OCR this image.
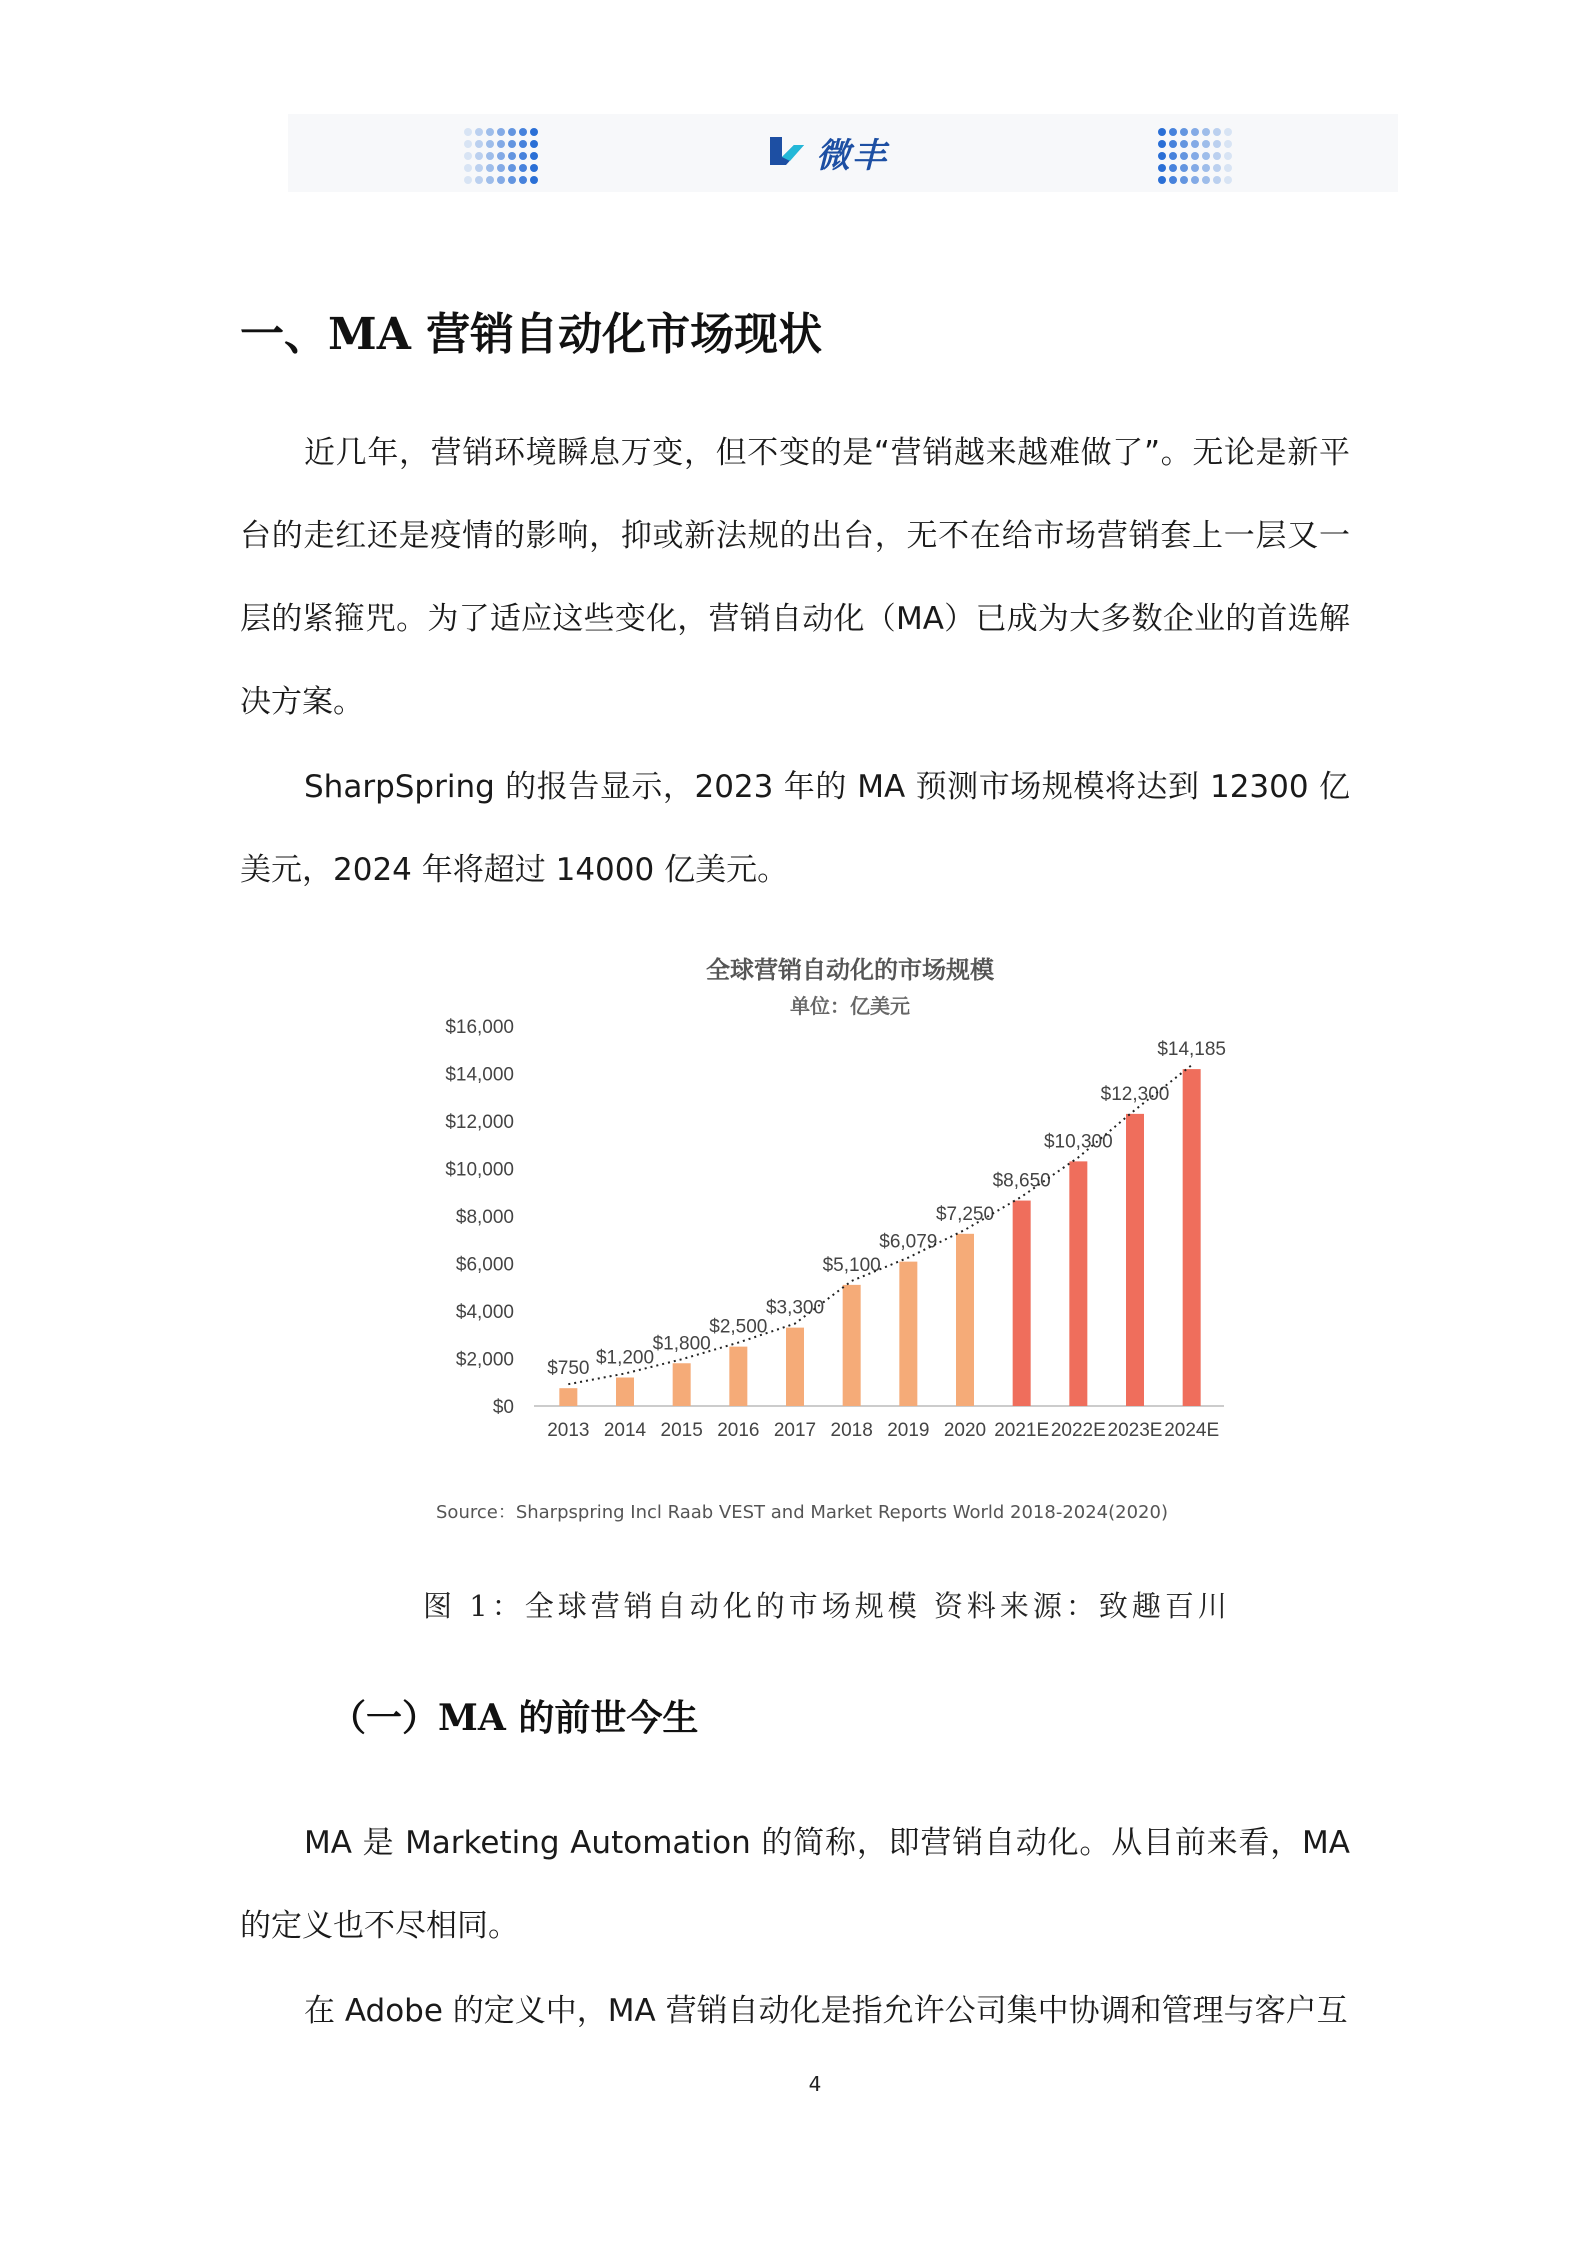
微丰
一、MA 营销自动化市场现状
近几年，营销环境瞬息万变，但不变的是“营销越来越难做了”。无论是新平台的走红还是疫情的影响，抑或新法规的出台，无不在给市场营销套上一层又一层的紧箍咒。为了适应这些变化，营销自动化（MA）已成为大多数企业的首选解决方案。
SharpSpring 的报告显示，2023 年的 MA 预测市场规模将达到 12300 亿美元，2024 年将超过 14000 亿美元。
全球营销自动化的市场规模
单位：亿美元
$0
$2,000
$4,000
$6,000
$8,000
$10,000
$12,000
$14,000
$16,000
$750
2013
$1,200
2014
$1,800
2015
$2,500
2016
$3,300
2017
$5,100
2018
$6,079
2019
$7,250
2020
$8,650
2021E
$10,300
2022E
$12,300
2023E
$14,185
2024E
Source：Sharpspring Incl Raab VEST and Market Reports World 2018-2024(2020)
图 1：全球营销自动化的市场规模 资料来源：致趣百川
（一）MA 的前世今生
MA 是 Marketing Automation 的简称，即营销自动化。从目前来看，MA 的定义也不尽相同。
在 Adobe 的定义中，MA 营销自动化是指允许公司集中协调和管理与客户互
4
